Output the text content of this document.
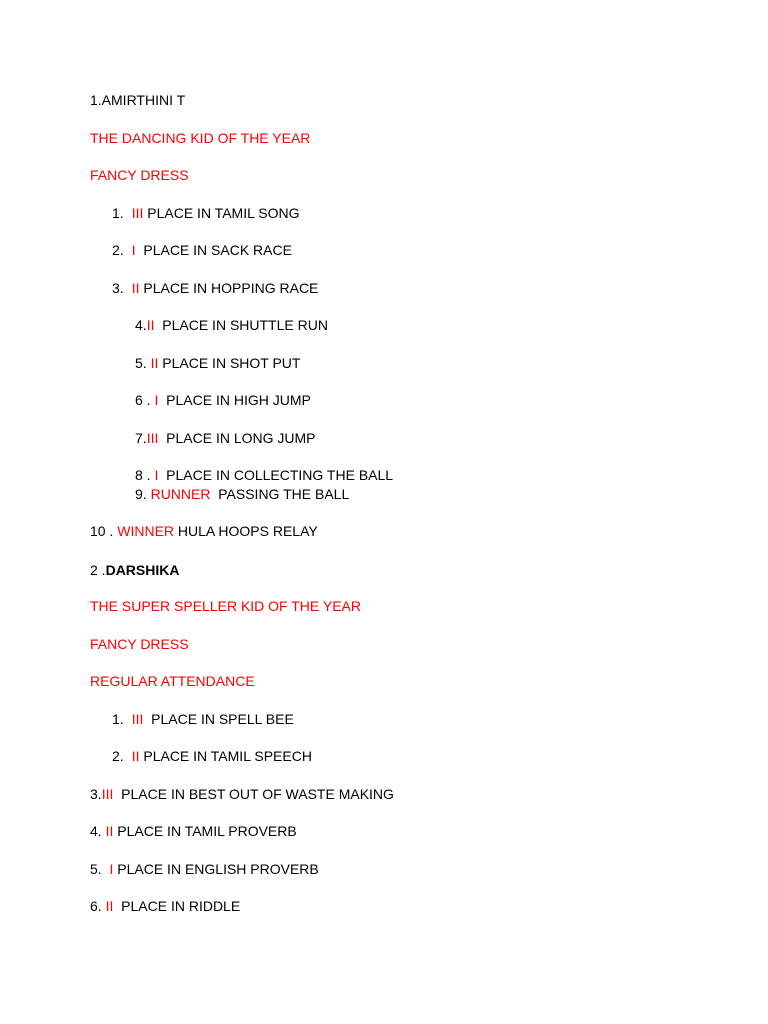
1.AMIRTHINI T
THE DANCING KID OF THE YEAR
FANCY DRESS
1. III PLACE IN TAMIL SONG
2. I  PLACE IN SACK RACE
3. II PLACE IN HOPPING RACE
4.II  PLACE IN SHUTTLE RUN
5. II PLACE IN SHOT PUT
6 . I  PLACE IN HIGH JUMP
7.III  PLACE IN LONG JUMP
8 . I  PLACE IN COLLECTING THE BALL
9. RUNNER  PASSING THE BALL
10 . WINNER HULA HOOPS RELAY
2 .DARSHIKA
THE SUPER SPELLER KID OF THE YEAR
FANCY DRESS
REGULAR ATTENDANCE
1. III  PLACE IN SPELL BEE
2. II PLACE IN TAMIL SPEECH
3.III  PLACE IN BEST OUT OF WASTE MAKING
4. II PLACE IN TAMIL PROVERB
5.  I PLACE IN ENGLISH PROVERB
6. II  PLACE IN RIDDLE
